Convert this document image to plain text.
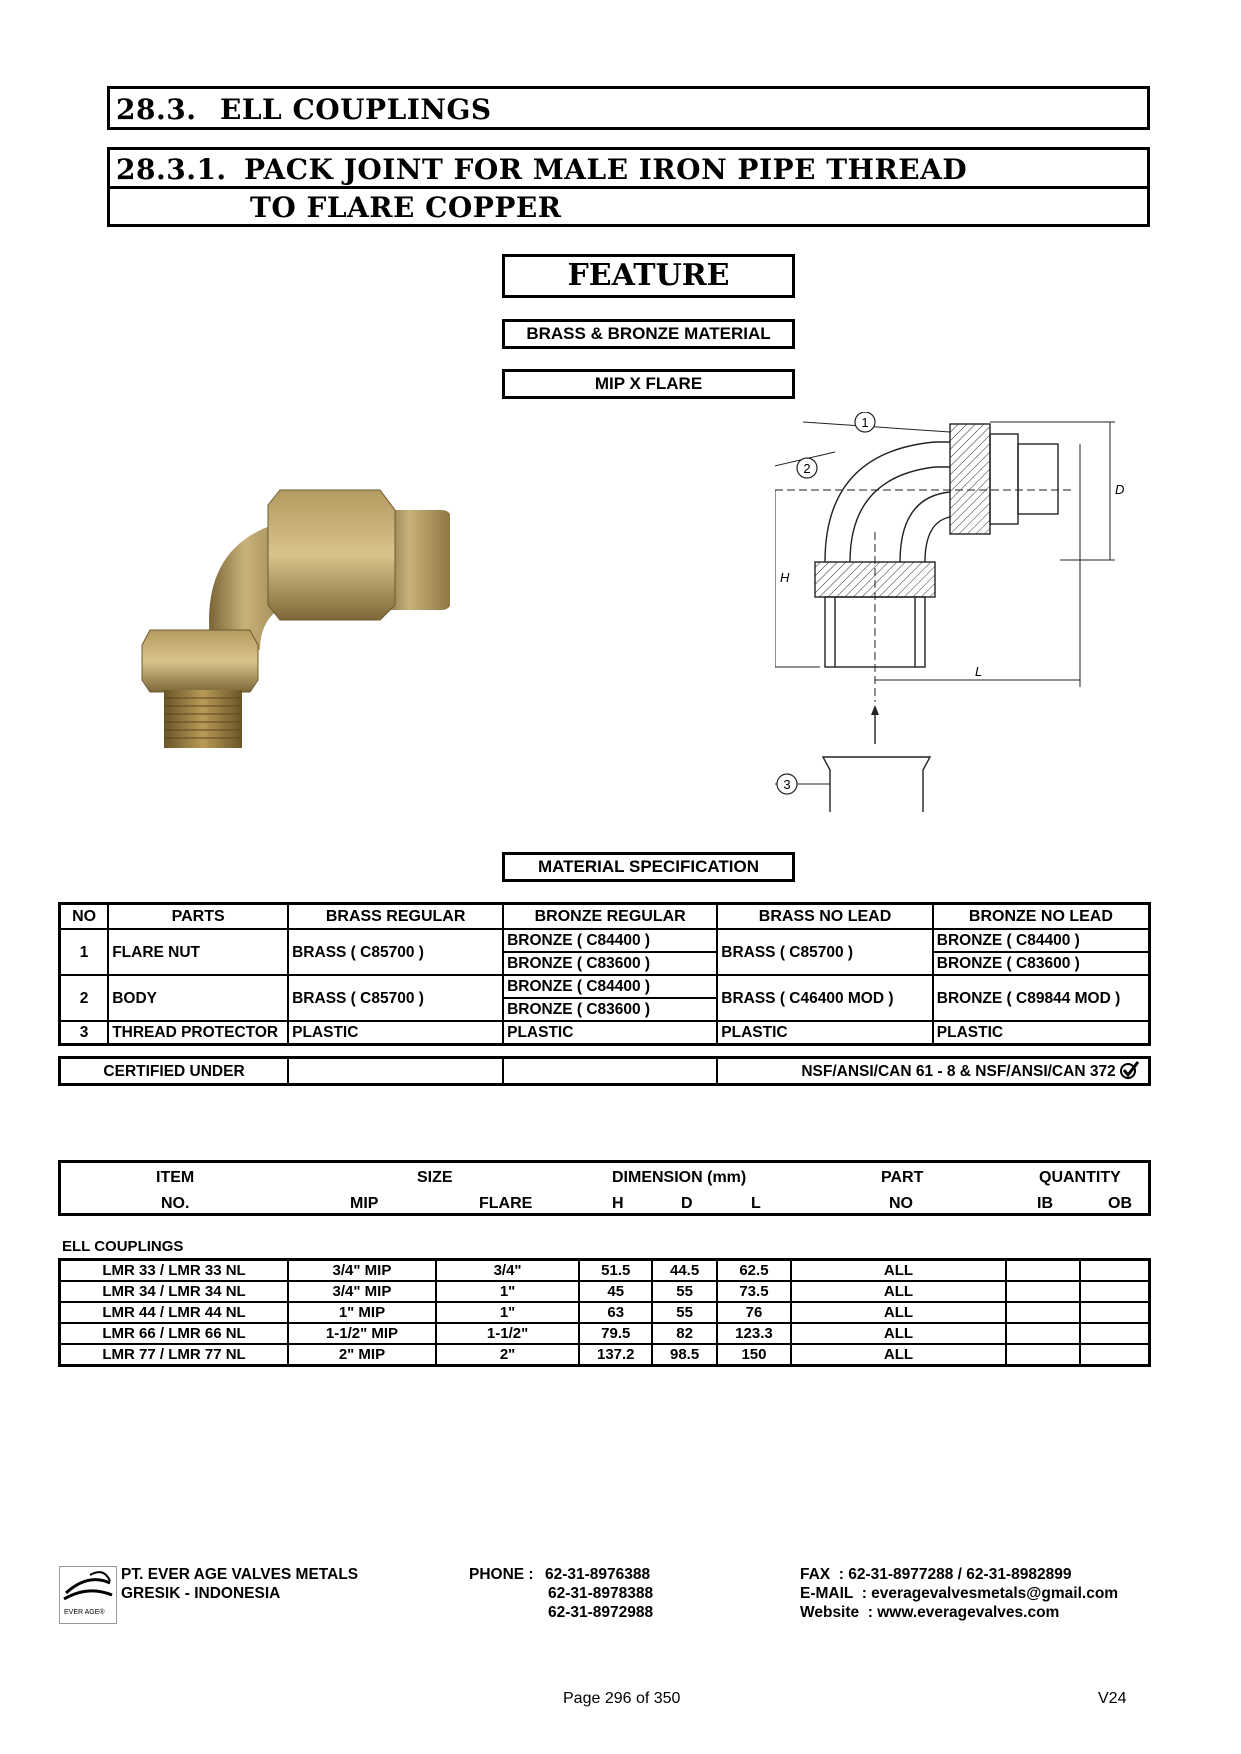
28.3. ELL COUPLINGS
28.3.1. PACK JOINT FOR MALE IRON PIPE THREAD
TO FLARE COPPER
FEATURE
BRASS & BRONZE MATERIAL
MIP X FLARE
1
2
3
H
D
L
MATERIAL SPECIFICATION
NO	PARTS	BRASS REGULAR	BRONZE REGULAR	BRASS NO LEAD	BRONZE NO LEAD
1	FLARE NUT	BRASS ( C85700 )	BRONZE ( C84400 )	BRASS ( C85700 )	BRONZE ( C84400 )
			BRONZE ( C83600 )		BRONZE ( C83600 )
2	BODY	BRASS ( C85700 )	BRONZE ( C84400 )	BRASS ( C46400 MOD )	BRONZE ( C89844 MOD )
			BRONZE ( C83600 )		
3	THREAD PROTECTOR	PLASTIC	PLASTIC	PLASTIC	PLASTIC
CERTIFIED UNDER			NSF/ANSI/CAN 61 - 8 & NSF/ANSI/CAN 372
ITEM
NO.
SIZE
MIP	FLARE
DIMENSION (mm)
H	D	L
PART
NO
QUANTITY
IB	OB
ELL COUPLINGS
LMR 33 / LMR 33 NL	3/4" MIP	3/4"	51.5	44.5	62.5	ALL		
LMR 34 / LMR 34 NL	3/4" MIP	1"	45	55	73.5	ALL		
LMR 44 / LMR 44 NL	1" MIP	1"	63	55	76	ALL		
LMR 66 / LMR 66 NL	1-1/2" MIP	1-1/2"	79.5	82	123.3	ALL		
LMR 77 / LMR 77 NL	2" MIP	2"	137.2	98.5	150	ALL		
EVER AGE®
PT. EVER AGE VALVES METALS
GRESIK - INDONESIA
PHONE : 62-31-8976388
62-31-8978388
62-31-8972988
FAX  : 62-31-8977288 / 62-31-8982899
E-MAIL  : everagevalvesmetals@gmail.com
Website  : www.everagevalves.com
Page 296 of 350	V24
